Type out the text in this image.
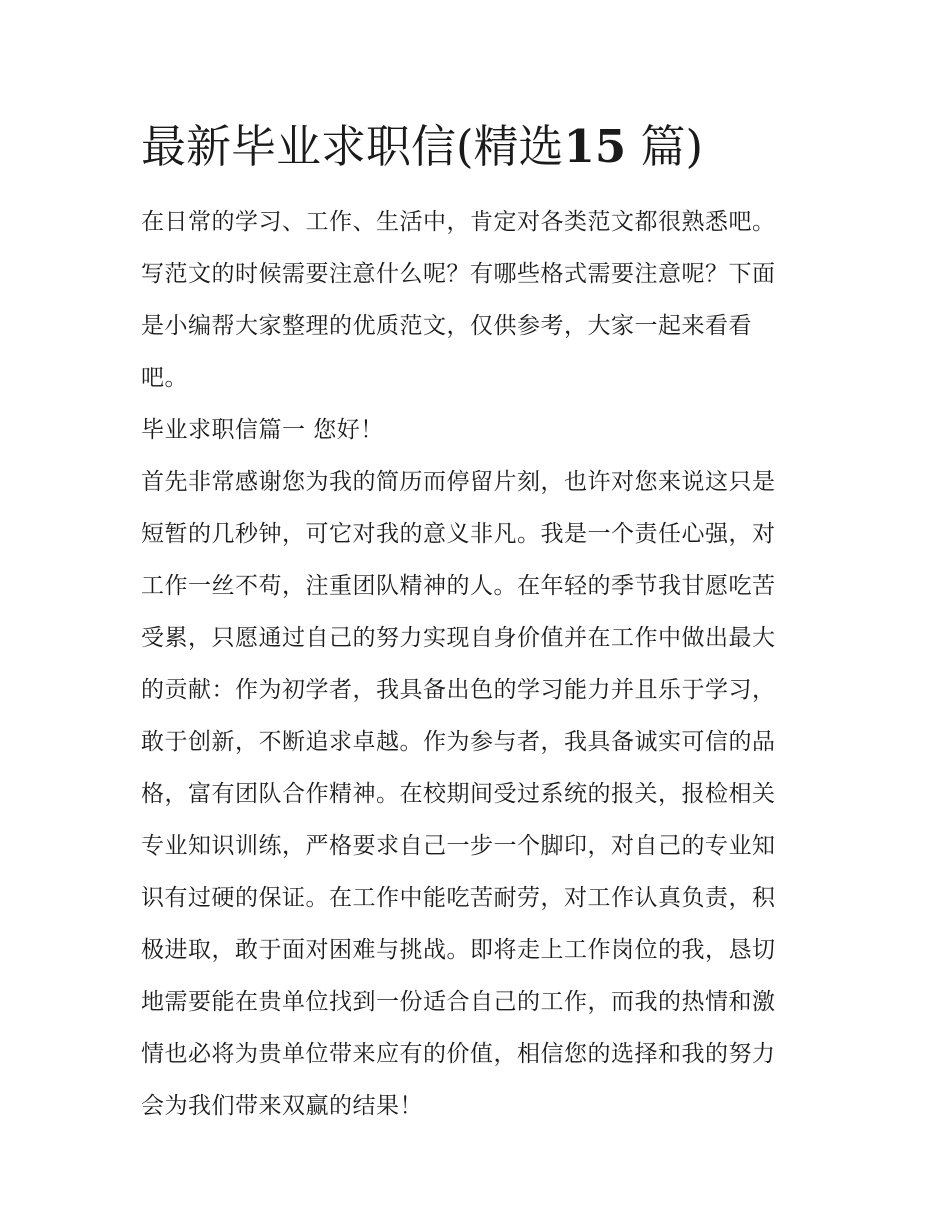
最新毕业求职信(精选15 篇)

在日常的学习、工作、生活中，肯定对各类范文都很熟悉吧。
写范文的时候需要注意什么呢？有哪些格式需要注意呢？下面
是小编帮大家整理的优质范文，仅供参考，大家一起来看看
吧。

毕业求职信篇一 您好！

首先非常感谢您为我的简历而停留片刻，也许对您来说这只是
短暂的几秒钟，可它对我的意义非凡。我是一个责任心强，对
工作一丝不苟，注重团队精神的人。在年轻的季节我甘愿吃苦
受累，只愿通过自己的努力实现自身价值并在工作中做出最大
的贡献：作为初学者，我具备出色的学习能力并且乐于学习，
敢于创新，不断追求卓越。作为参与者，我具备诚实可信的品
格，富有团队合作精神。在校期间受过系统的报关，报检相关
专业知识训练，严格要求自己一步一个脚印，对自己的专业知
识有过硬的保证。在工作中能吃苦耐劳，对工作认真负责，积
极进取，敢于面对困难与挑战。即将走上工作岗位的我，恳切
地需要能在贵单位找到一份适合自己的工作，而我的热情和激
情也必将为贵单位带来应有的价值，相信您的选择和我的努力
会为我们带来双赢的结果！
